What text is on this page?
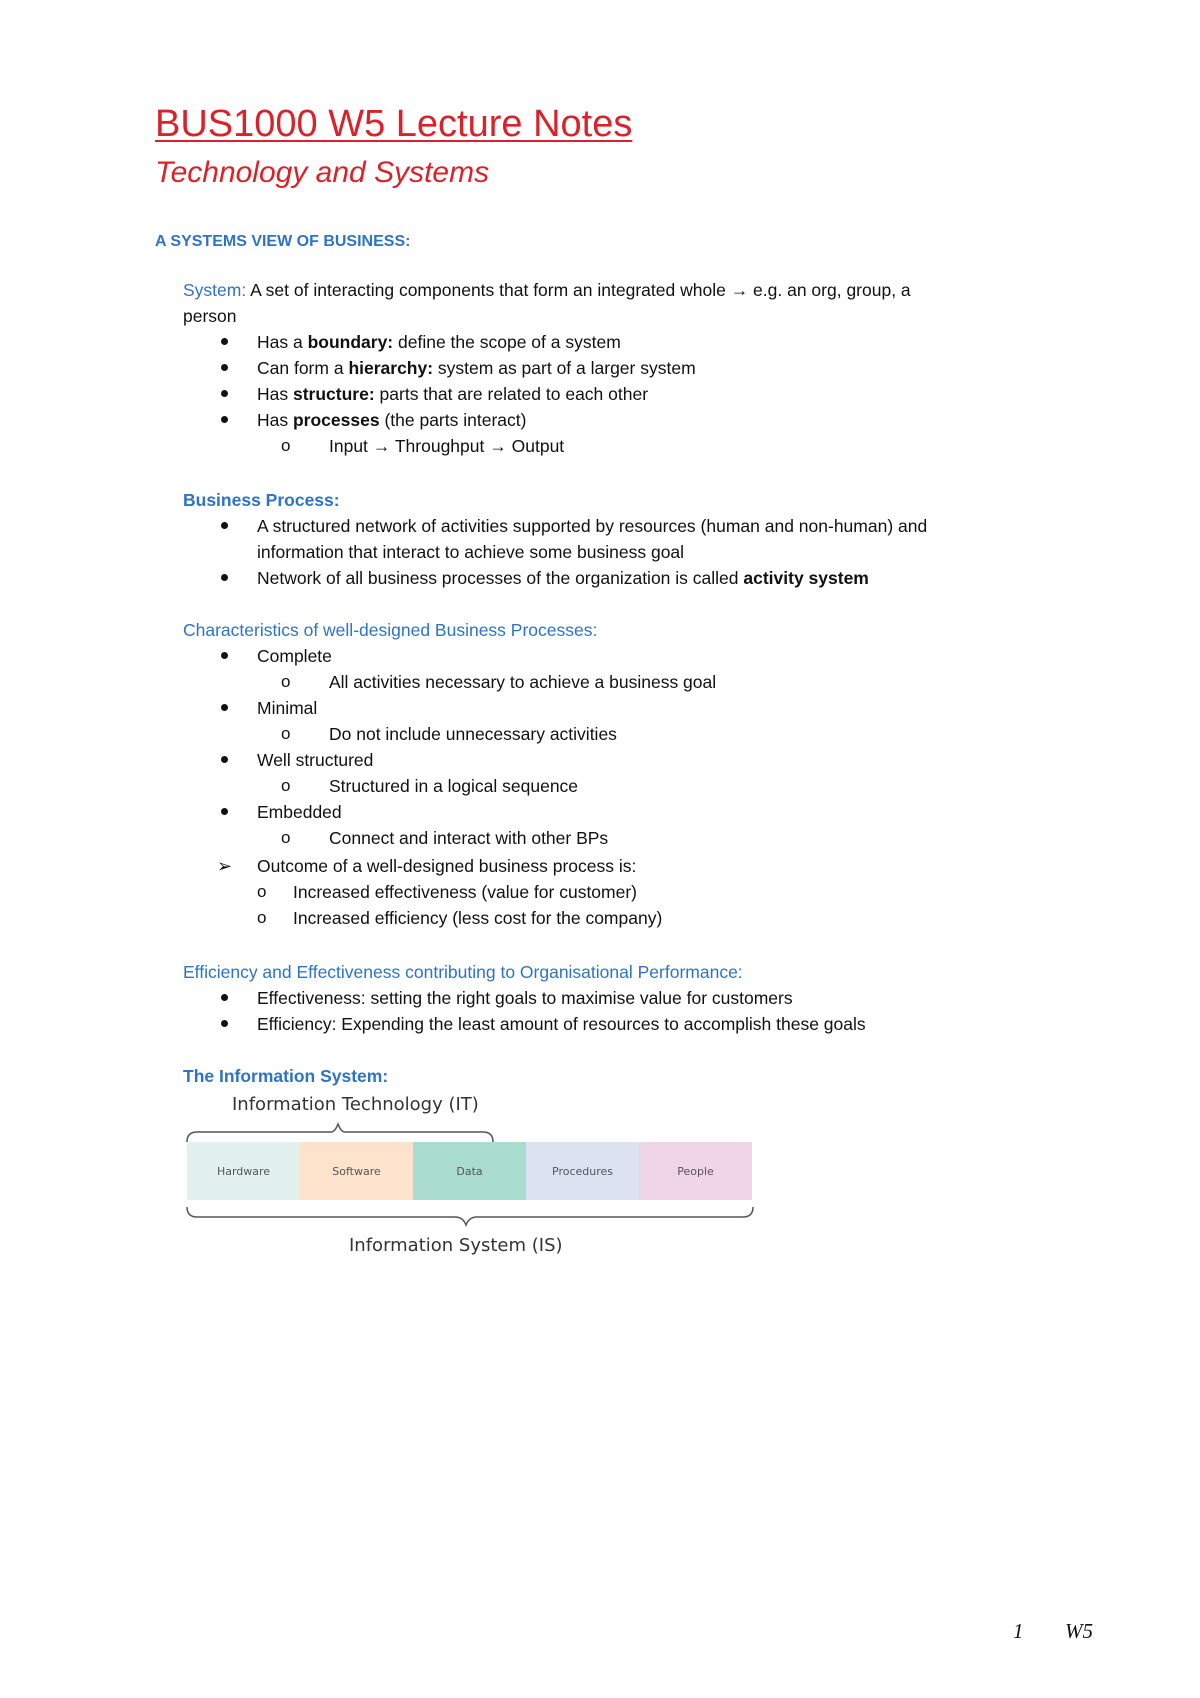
BUS1000 W5 Lecture Notes
Technology and Systems
A SYSTEMS VIEW OF BUSINESS:
System: A set of interacting components that form an integrated whole → e.g. an org, group, a
person
Has a boundary: define the scope of a system
Can form a hierarchy: system as part of a larger system
Has structure: parts that are related to each other
Has processes (the parts interact)
o Input → Throughput → Output
Business Process:
A structured network of activities supported by resources (human and non-human) and
information that interact to achieve some business goal
Network of all business processes of the organization is called activity system
Characteristics of well-designed Business Processes:
Complete
o All activities necessary to achieve a business goal
Minimal
o Do not include unnecessary activities
Well structured
o Structured in a logical sequence
Embedded
o Connect and interact with other BPs
➢ Outcome of a well-designed business process is:
o Increased effectiveness (value for customer)
o Increased efficiency (less cost for the company)
Efficiency and Effectiveness contributing to Organisational Performance:
Effectiveness: setting the right goals to maximise value for customers
Efficiency: Expending the least amount of resources to accomplish these goals
The Information System:
Information Technology (IT)
Hardware	Software	Data	Procedures	People
Information System (IS)
1 W5
